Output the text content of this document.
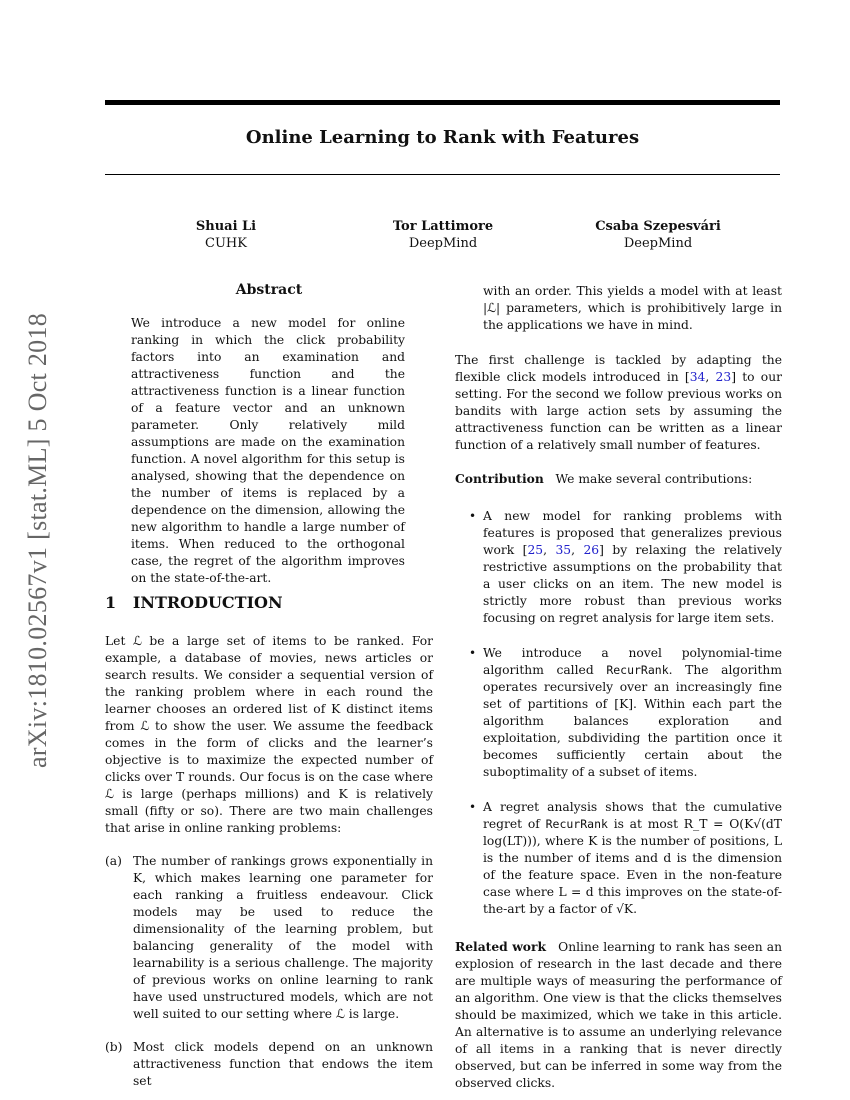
Online Learning to Rank with Features
Shuai Li
CUHK
Tor Lattimore
DeepMind
Csaba Szepesvári
DeepMind
arXiv:1810.02567v1 [stat.ML] 5 Oct 2018
Abstract

We introduce a new model for online ranking in which the click probability factors into an examination and attractiveness function and the attractiveness function is a linear function of a feature vector and an unknown parameter. Only relatively mild assumptions are made on the examination function. A novel algorithm for this setup is analysed, showing that the dependence on the number of items is replaced by a dependence on the dimension, allowing the new algorithm to handle a large number of items. When reduced to the orthogonal case, the regret of the algorithm improves on the state-of-the-art.

1   INTRODUCTION

Let ℒ be a large set of items to be ranked. For example, a database of movies, news articles or search results. We consider a sequential version of the ranking problem where in each round the learner chooses an ordered list of K distinct items from ℒ to show the user. We assume the feedback comes in the form of clicks and the learner’s objective is to maximize the expected number of clicks over T rounds. Our focus is on the case where ℒ is large (perhaps millions) and K is relatively small (fifty or so). There are two main challenges that arise in online ranking problems:

(a) The number of rankings grows exponentially in K, which makes learning one parameter for each ranking a fruitless endeavour. Click models may be used to reduce the dimensionality of the learning problem, but balancing generality of the model with learnability is a serious challenge. The majority of previous works on online learning to rank have used unstructured models, which are not well suited to our setting where ℒ is large.
(b) Most click models depend on an unknown attractiveness function that endows the item set

with an order. This yields a model with at least |ℒ| parameters, which is prohibitively large in the applications we have in mind.

The first challenge is tackled by adapting the flexible click models introduced in [34, 23] to our setting. For the second we follow previous works on bandits with large action sets by assuming the attractiveness function can be written as a linear function of a relatively small number of features.

Contribution We make several contributions:

• A new model for ranking problems with features is proposed that generalizes previous work [25, 35, 26] by relaxing the relatively restrictive assumptions on the probability that a user clicks on an item. The new model is strictly more robust than previous works focusing on regret analysis for large item sets.
• We introduce a novel polynomial-time algorithm called RecurRank. The algorithm operates recursively over an increasingly fine set of partitions of [K]. Within each part the algorithm balances exploration and exploitation, subdividing the partition once it becomes sufficiently certain about the suboptimality of a subset of items.
• A regret analysis shows that the cumulative regret of RecurRank is at most R_T = O(K√(dT log(LT))), where K is the number of positions, L is the number of items and d is the dimension of the feature space. Even in the non-feature case where L = d this improves on the state-of-the-art by a factor of √K.

Related work Online learning to rank has seen an explosion of research in the last decade and there are multiple ways of measuring the performance of an algorithm. One view is that the clicks themselves should be maximized, which we take in this article. An alternative is to assume an underlying relevance of all items in a ranking that is never directly observed, but can be inferred in some way from the observed clicks.
